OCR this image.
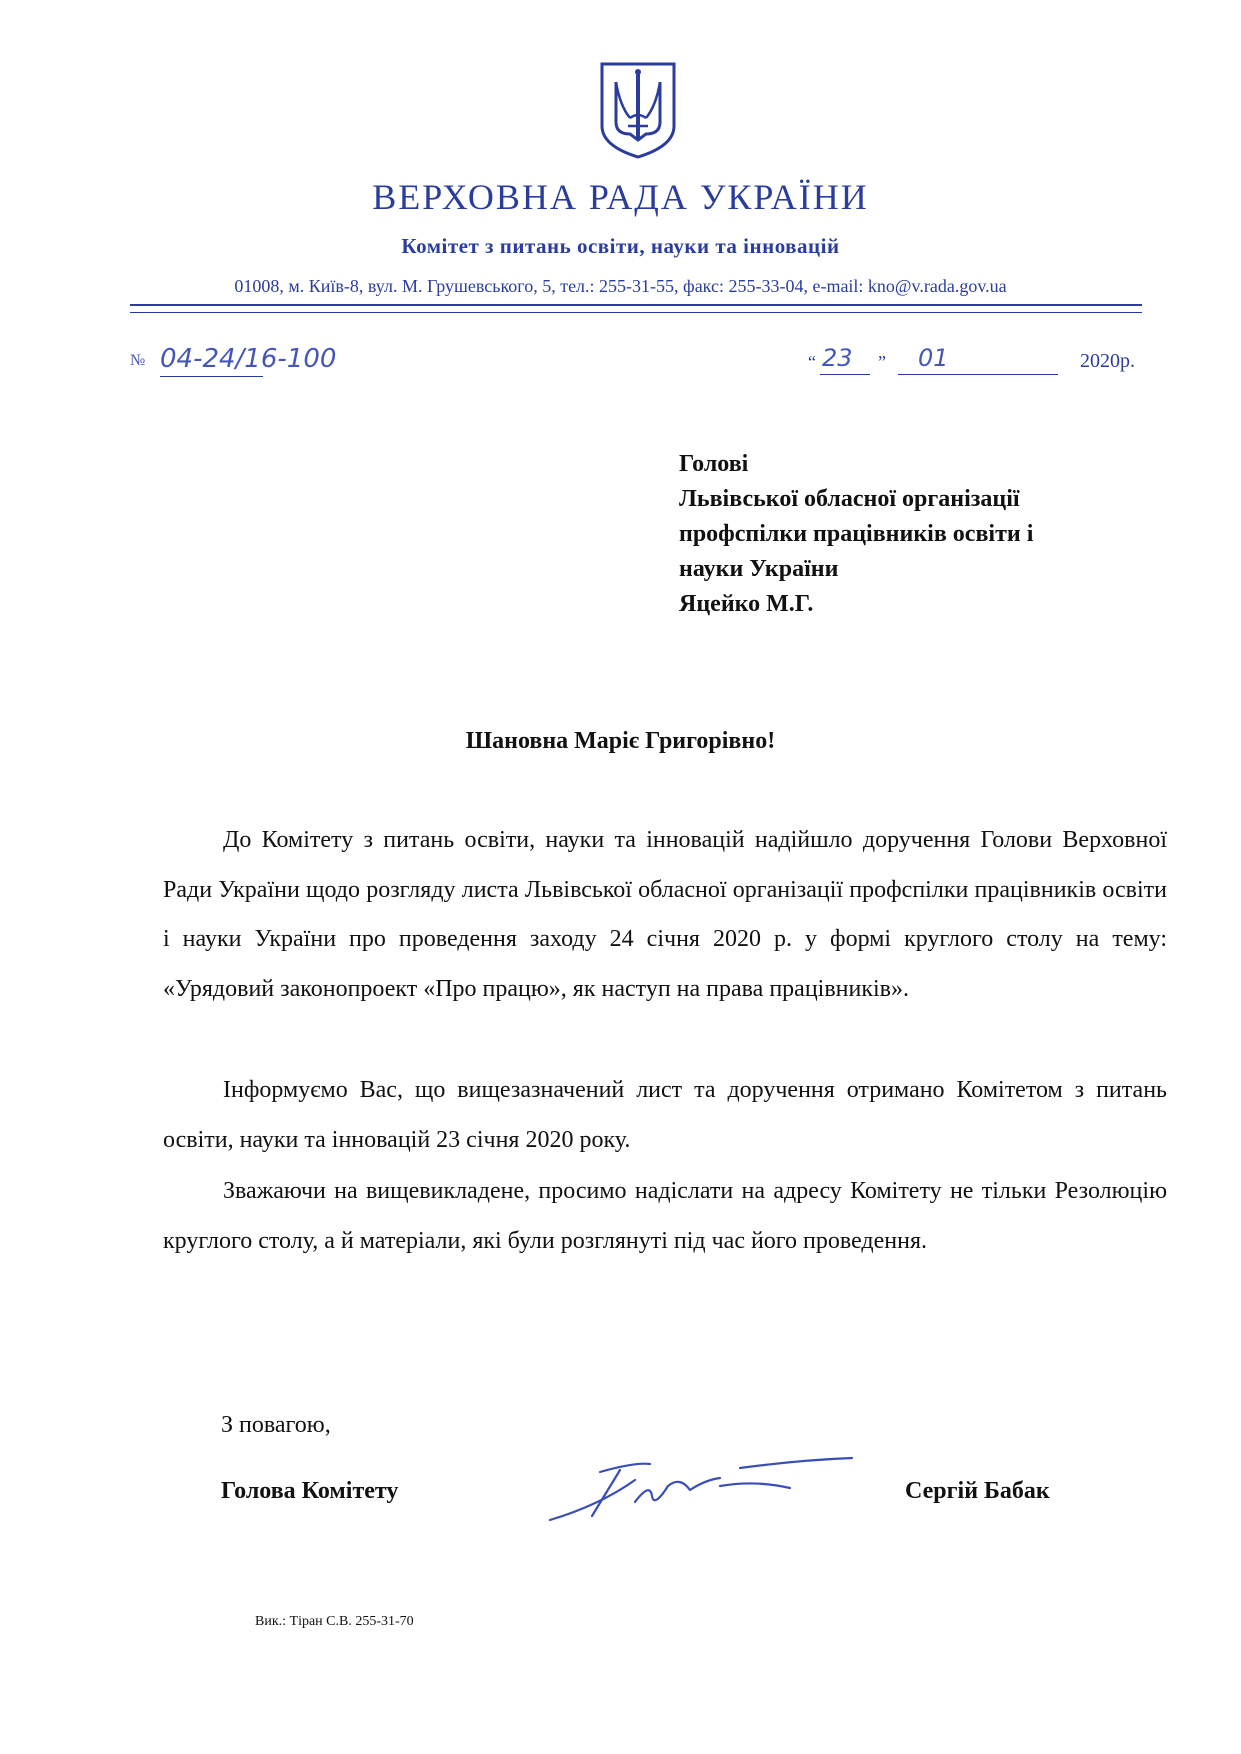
ВЕРХОВНА РАДА УКРАЇНИ
Комітет з питань освіти, науки та інновацій
01008, м. Київ-8, вул. М. Грушевського, 5, тел.: 255-31-55, факс: 255-33-04, e-mail: kno@v.rada.gov.ua
№ 04-24/16-100	“ 23 ” 01	2020р.
Голові
Львівської обласної організації
профспілки працівників освіти і
науки України
Яцейко М.Г.
Шановна Маріє Григорівно!

До Комітету з питань освіти, науки та інновацій надійшло доручення Голови Верховної Ради України щодо розгляду листа Львівської обласної організації профспілки працівників освіти і науки України про проведення заходу 24 січня 2020 р. у формі круглого столу на тему: «Урядовий законопроект «Про працю», як наступ на права працівників».

Інформуємо Вас, що вищезазначений лист та доручення отримано Комітетом з питань освіти, науки та інновацій 23 січня 2020 року.

Зважаючи на вищевикладене, просимо надіслати на адресу Комітету не тільки Резолюцію круглого столу, а й матеріали, які були розглянуті під час його проведення.

З повагою,
Голова Комітету	Сергій Бабак
Вик.: Тіран С.В. 255-31-70
